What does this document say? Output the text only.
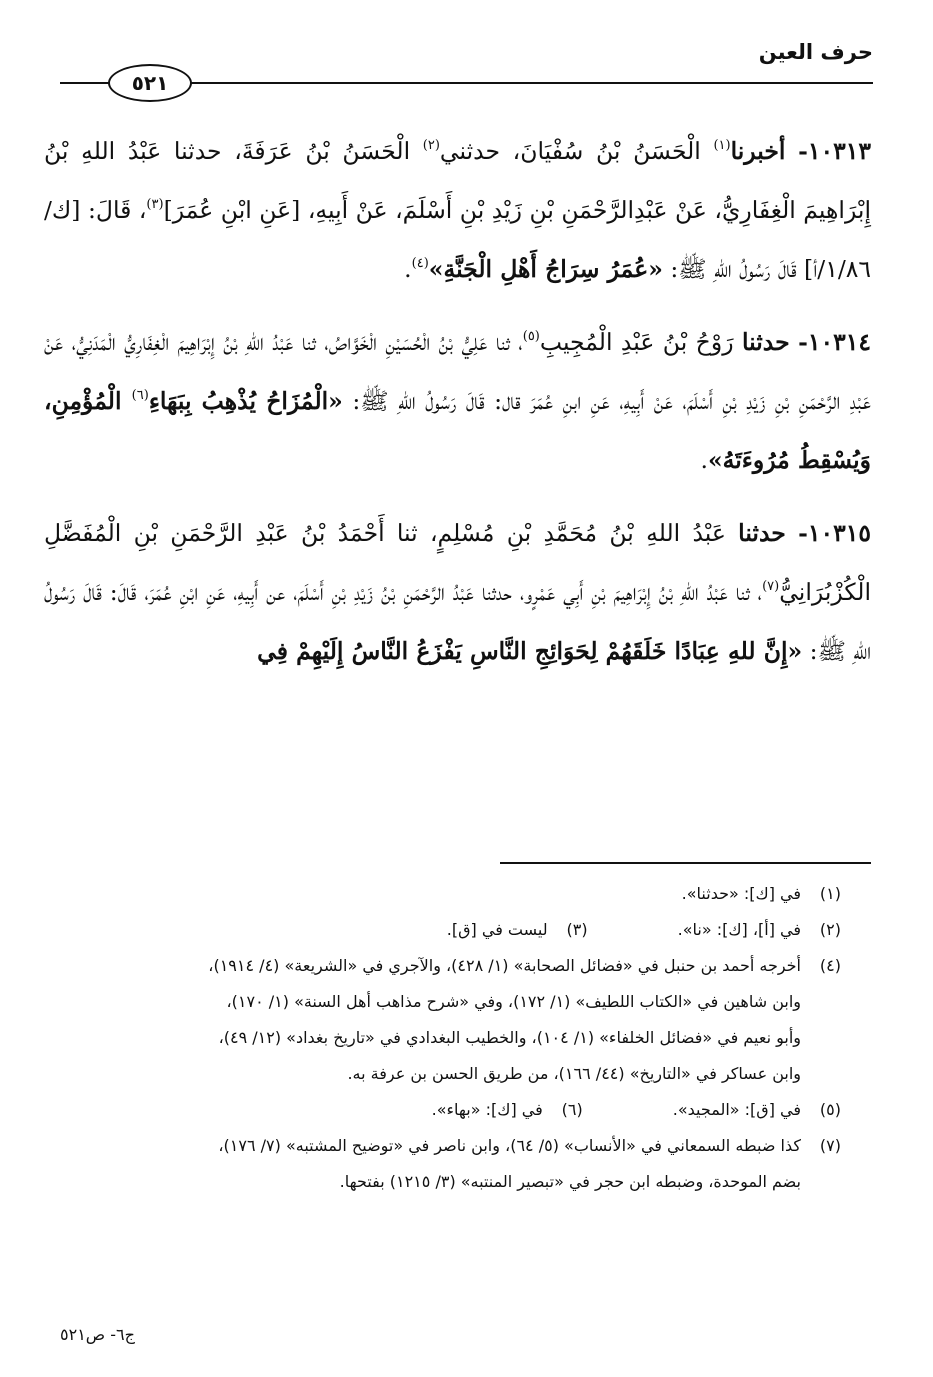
حرف العين
٥٢١

١٠٣١٣- أخبرنا$^{(١)}$ الْحَسَنُ بْنُ سُفْيَانَ، حدثني$^{(٢)}$ الْحَسَنُ بْنُ عَرَفَةَ، حدثنا عَبْدُ اللهِ بْنُ إِبْرَاهِيمَ الْغِفَارِيُّ، عَنْ عَبْدِالرَّحْمَنِ بْنِ زَيْدِ بْنِ أَسْلَمَ، عَنْ أَبِيهِ، [عَنِ ابْنِ عُمَرَ]$^{(٣)}$، قَالَ: [ك/١/٨٦/أ] قَالَ رَسُولُ اللهِ ﷺ: «عُمَرُ سِرَاجُ أَهْلِ الْجَنَّةِ»$^{(٤)}$.

١٠٣١٤- حدثنا رَوْحُ بْنُ عَبْدِ الْمُجِيبِ$^{(٥)}$، ثنا عَلِيُّ بْنُ الْحُسَيْنِ الْخَوَّاصُ، ثنا عَبْدُ اللهِ بْنُ إِبْرَاهِيمَ الْغِفَارِيُّ الْمَدَنِيُّ، عَنْ عَبْدِ الرَّحْمَنِ بْنِ زَيْدِ بْنِ أَسْلَمَ، عَنْ أَبِيهِ، عَنِ ابنِ عُمَرَ قال: قَالَ رَسُولُ اللهِ ﷺ: «الْمُزَاحُ يُذْهِبُ بِبَهَاءِ$^{(٦)}$ الْمُؤْمِنِ، وَيُسْقِطُ مُرُوءَتَهُ».

١٠٣١٥- حدثنا عَبْدُ اللهِ بْنُ مُحَمَّدِ بْنِ مُسْلِمٍ، ثنا أَحْمَدُ بْنُ عَبْدِ الرَّحْمَنِ بْنِ الْمُفَضَّلِ الْكُزْبُرَانِيُّ$^{(٧)}$، ثنا عَبْدُ اللهِ بْنُ إِبْرَاهِيمَ بْنِ أَبِي عَمْرٍو، حدثنا عَبْدُ الرَّحْمَنِ بْنُ زَيْدِ بْنِ أَسْلَمَ، عن أَبِيهِ، عَنِ ابْنِ عُمَرَ، قَالَ: قَالَ رَسُولُ اللهِ ﷺ: «إِنَّ للهِ عِبَادًا خَلَقَهُمْ لِحَوَائِجِ النَّاسِ يَفْزَعُ النَّاسُ إِلَيْهِمْ فِي

(١)في [ك]: «حدثنا».
(٢)في [أ]، [ك]: «نا».(٣)ليست في [ق].
(٤)أخرجه أحمد بن حنبل في «فضائل الصحابة» (١/ ٤٢٨)، والآجري في «الشريعة» (٤/ ١٩١٤)،
وابن شاهين في «الكتاب اللطيف» (١/ ١٧٢)، وفي «شرح مذاهب أهل السنة» (١/ ١٧٠)،
وأبو نعيم في «فضائل الخلفاء» (١/ ١٠٤)، والخطيب البغدادي في «تاريخ بغداد» (١٢/ ٤٩)،
وابن عساكر في «التاريخ» (٤٤/ ١٦٦)، من طريق الحسن بن عرفة به.
(٥)في [ق]: «المجيد».(٦)في [ك]: «بهاء».
(٧)كذا ضبطه السمعاني في «الأنساب» (٥/ ٦٤)، وابن ناصر في «توضيح المشتبه» (٧/ ١٧٦)،
بضم الموحدة، وضبطه ابن حجر في «تبصير المنتبه» (٣/ ١٢١٥) بفتحها.
ج٦- ص٥٢١
